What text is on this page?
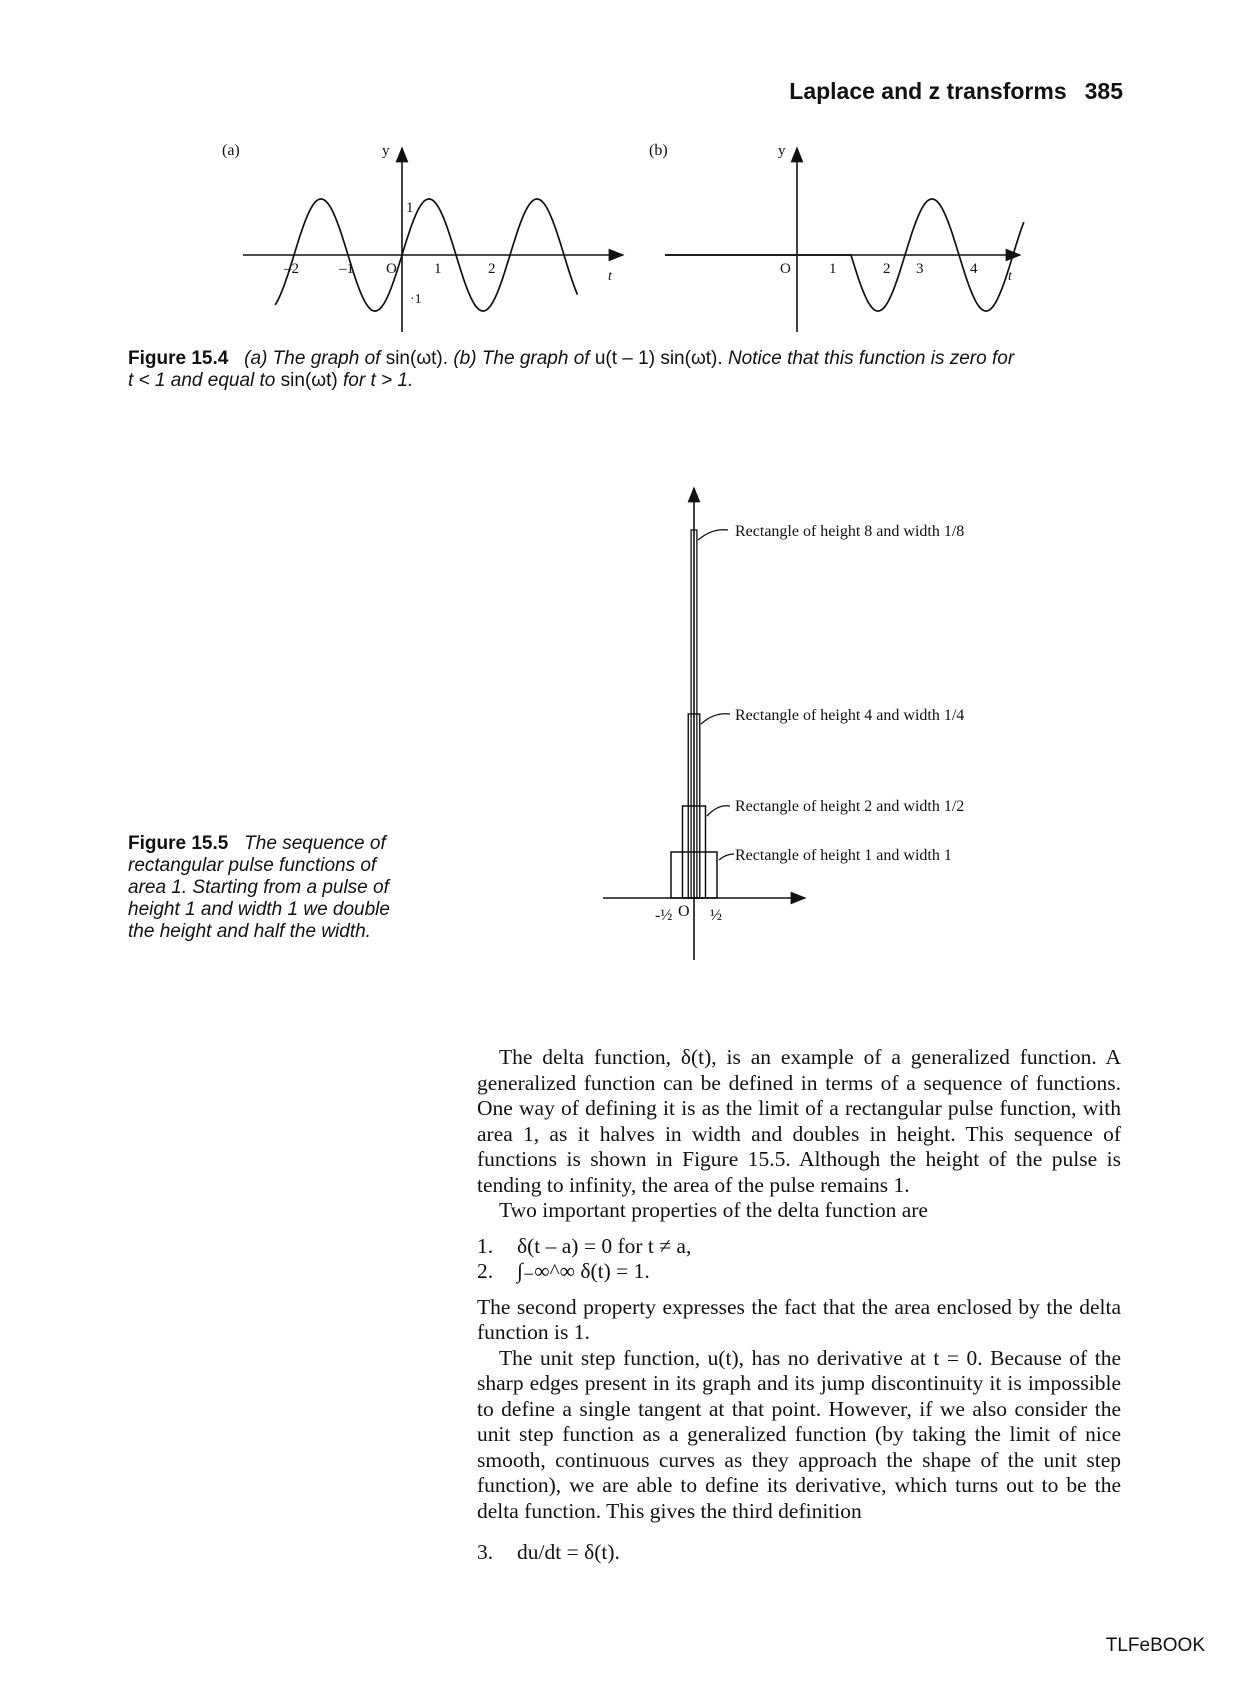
Laplace and z transforms 385
(a)	y
t
–2	–1 O 1	2
1
·1
(b)	y
t
O	1	2 3	4
Figure 15.4 (a) The graph of sin(ωt). (b) The graph of u(t – 1) sin(ωt). Notice that this function is zero for
t < 1 and equal to sin(ωt) for t > 1.
Rectangle of height 8 and width 1/8
Rectangle of height 4 and width 1/4
Rectangle of height 2 and width 1/2
Rectangle of height 1 and width 1
-½ O ½
Figure 15.5 The sequence of rectangular pulse functions of area 1. Starting from a pulse of height 1 and width 1 we double the height and half the width.

The delta function, δ(t), is an example of a generalized function. A generalized function can be defined in terms of a sequence of functions. One way of defining it is as the limit of a rectangular pulse function, with area 1, as it halves in width and doubles in height. This sequence of functions is shown in Figure 15.5. Although the height of the pulse is tending to infinity, the area of the pulse remains 1.

Two important properties of the delta function are

1.	δ(t – a) = 0 for t ≠ a,
2.	∫₋∞^∞ δ(t) = 1.

The second property expresses the fact that the area enclosed by the delta function is 1.

The unit step function, u(t), has no derivative at t = 0. Because of the sharp edges present in its graph and its jump discontinuity it is impossible to define a single tangent at that point. However, if we also consider the unit step function as a generalized function (by taking the limit of nice smooth, continuous curves as they approach the shape of the unit step function), we are able to define its derivative, which turns out to be the delta function. This gives the third definition

3.	du/dt = δ(t).
TLFeBOOK
